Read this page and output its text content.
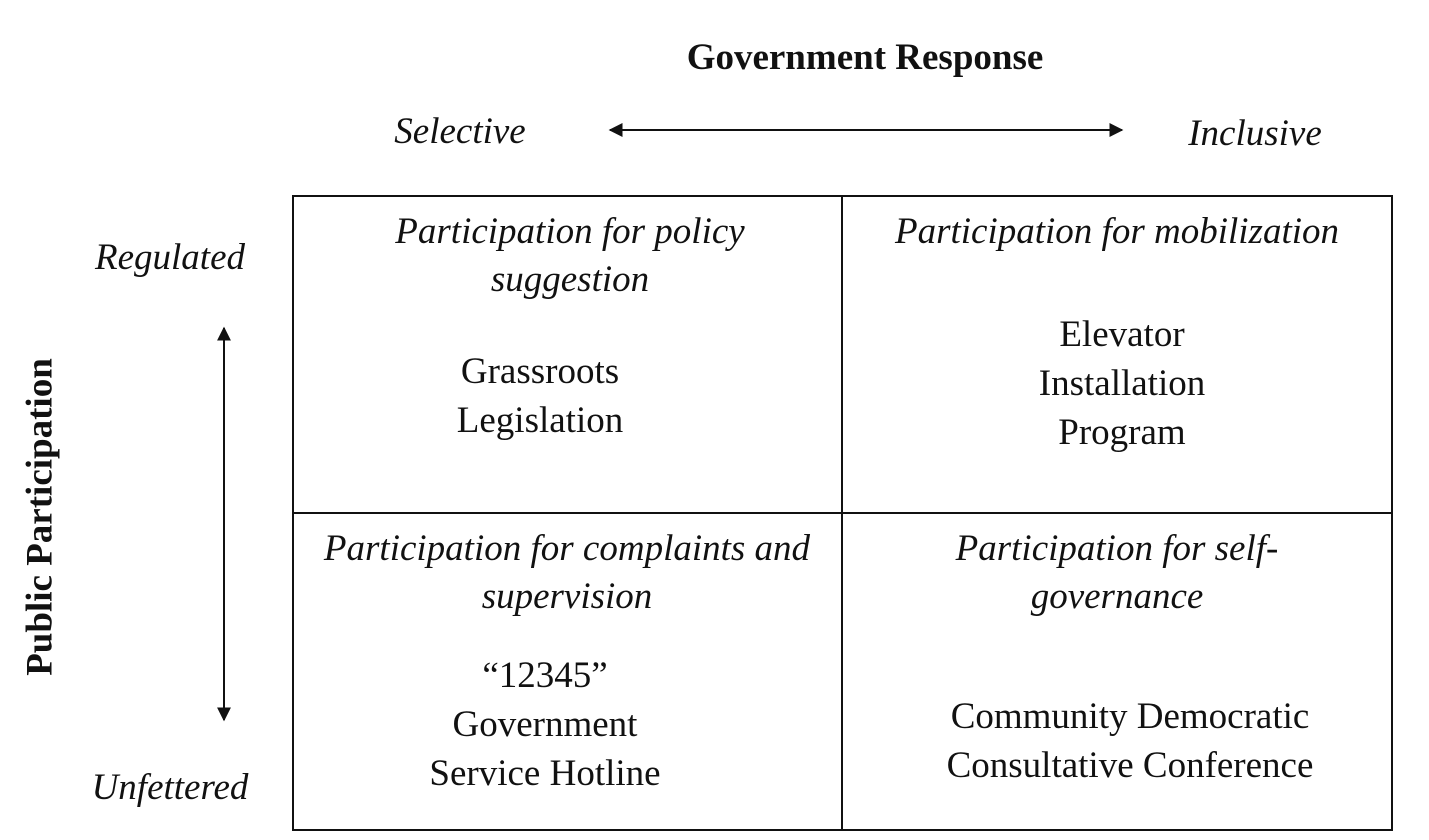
Government Response
Selective	Inclusive
Public Participation
Regulated
Unfettered
Participation for policy suggestion
Grassroots Legislation
Participation for mobilization
Elevator Installation Program
Participation for complaints and supervision
“12345” Government Service Hotline
Participation for self-governance
Community Democratic Consultative Conference
